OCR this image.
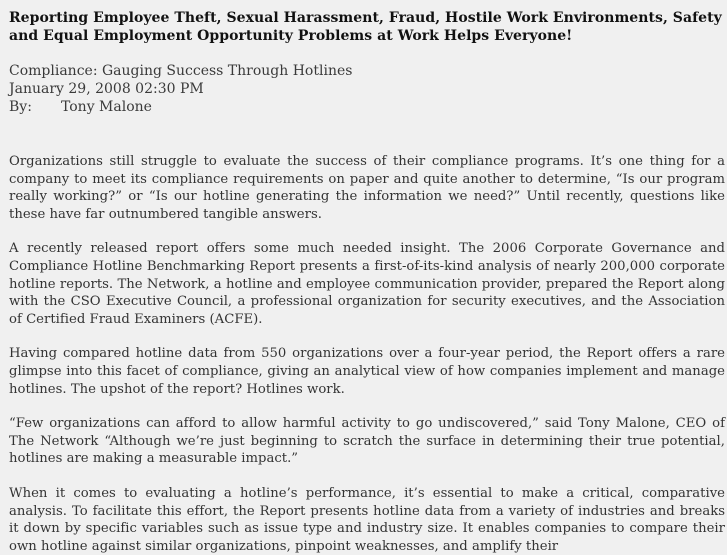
Reporting Employee Theft, Sexual Harassment, Fraud, Hostile Work Environments, Safety and Equal Employment Opportunity Problems at Work Helps Everyone!
Compliance: Gauging Success Through Hotlines
January 29, 2008 02:30 PM
By: Tony Malone

Organizations still struggle to evaluate the success of their compliance programs. It’s one thing for a company to meet its compliance requirements on paper and quite another to determine, “Is our program really working?” or “Is our hotline generating the information we need?” Until recently, questions like these have far outnumbered tangible answers.

A recently released report offers some much needed insight. The 2006 Corporate Governance and Compliance Hotline Benchmarking Report presents a first-of-its-kind analysis of nearly 200,000 corporate hotline reports. The Network, a hotline and employee communication provider, prepared the Report along with the CSO Executive Council, a professional organization for security executives, and the Association of Certified Fraud Examiners (ACFE).

Having compared hotline data from 550 organizations over a four-year period, the Report offers a rare glimpse into this facet of compliance, giving an analytical view of how companies implement and manage hotlines. The upshot of the report? Hotlines work.

“Few organizations can afford to allow harmful activity to go undiscovered,” said Tony Malone, CEO of The Network “Although we’re just beginning to scratch the surface in determining their true potential, hotlines are making a measurable impact.”

When it comes to evaluating a hotline’s performance, it’s essential to make a critical, comparative analysis. To facilitate this effort, the Report presents hotline data from a variety of industries and breaks it down by specific variables such as issue type and industry size. It enables companies to compare their own hotline against similar organizations, pinpoint weaknesses, and amplify their
